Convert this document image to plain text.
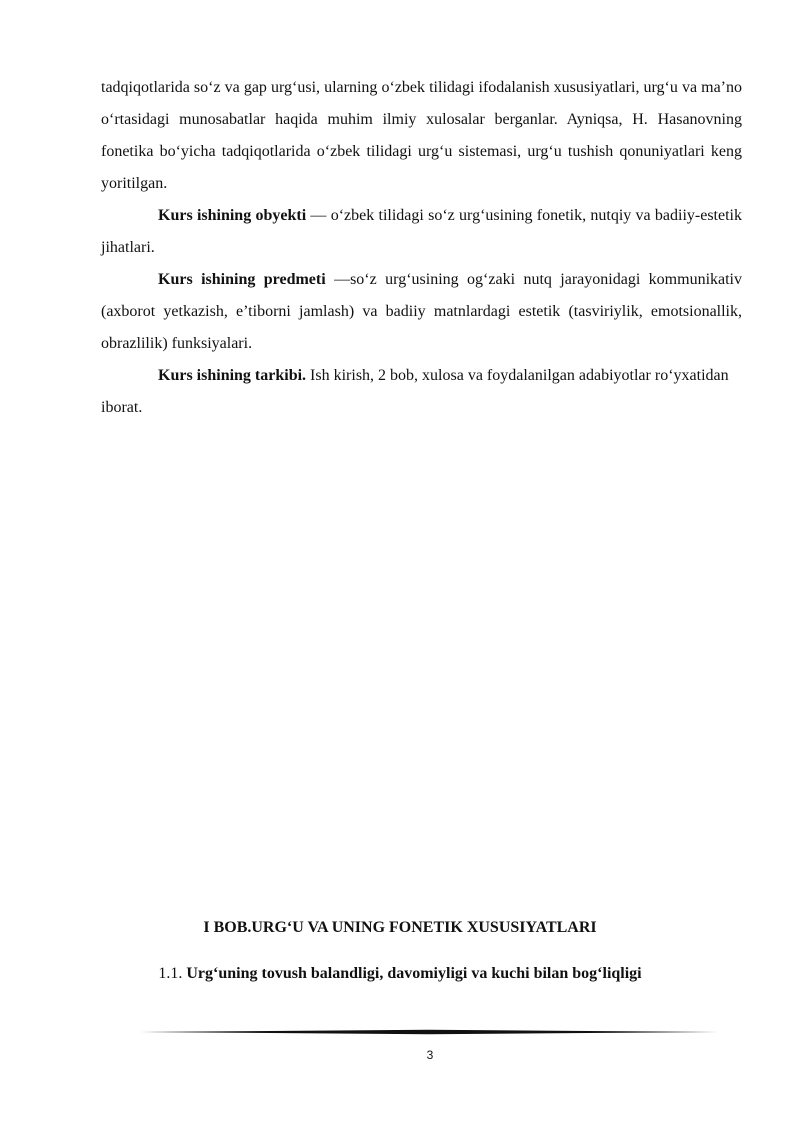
tadqiqotlarida so‘z va gap urg‘usi, ularning o‘zbek tilidagi ifodalanish xususiyatlari, urg‘u va ma’no o‘rtasidagi munosabatlar haqida muhim ilmiy xulosalar berganlar. Ayniqsa, H. Hasanovning fonetika bo‘yicha tadqiqotlarida o‘zbek tilidagi urg‘u sistemasi, urg‘u tushish qonuniyatlari keng yoritilgan.

Kurs ishining obyekti — o‘zbek tilidagi so‘z urg‘usining fonetik, nutqiy va badiiy-estetik jihatlari.

Kurs ishining predmeti —so‘z urg‘usining og‘zaki nutq jarayonidagi kommunikativ (axborot yetkazish, e’tiborni jamlash) va badiiy matnlardagi estetik (tasviriylik, emotsionallik, obrazlilik) funksiyalari.

Kurs ishining tarkibi. Ish kirish, 2 bob, xulosa va foydalanilgan adabiyotlar ro‘yxatidan iborat.

I BOB.URG‘U VA UNING FONETIK XUSUSIYATLARI
1.1. Urg‘uning tovush balandligi, davomiyligi va kuchi bilan bog‘liqligi
3
